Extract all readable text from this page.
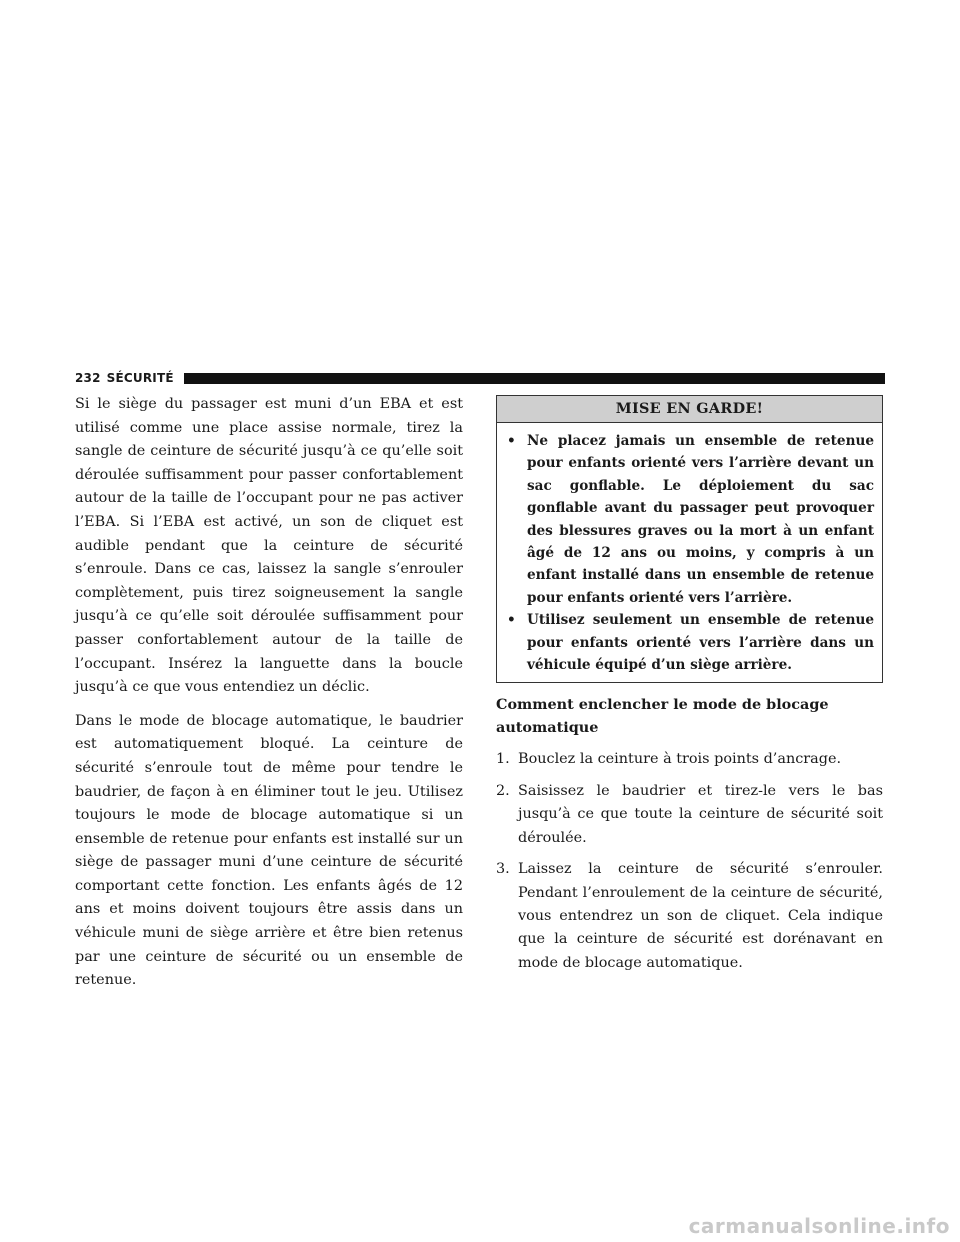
232 SÉCURITÉ

Si le siège du passager est muni d’un EBA et est utilisé comme une place assise normale, tirez la sangle de ceinture de sécurité jusqu’à ce qu’elle soit déroulée suffisamment pour passer confortablement autour de la taille de l’occupant pour ne pas activer l’EBA. Si l’EBA est activé, un son de cliquet est audible pendant que la ceinture de sécurité s’enroule. Dans ce cas, laissez la sangle s’enrouler complètement, puis tirez soigneusement la sangle jusqu’à ce qu’elle soit déroulée suffisamment pour passer confortablement autour de la taille de l’occupant. Insérez la languette dans la boucle jusqu’à ce que vous entendiez un déclic.

Dans le mode de blocage automatique, le baudrier est automatiquement bloqué. La ceinture de sécurité s’enroule tout de même pour tendre le baudrier, de façon à en éliminer tout le jeu. Utilisez toujours le mode de blocage automatique si un ensemble de retenue pour enfants est installé sur un siège de passager muni d’une ceinture de sécurité comportant cette fonction. Les enfants âgés de 12 ans et moins doivent toujours être assis dans un véhicule muni de siège arrière et être bien retenus par une ceinture de sécurité ou un ensemble de retenue.

MISE EN GARDE!
• Ne placez jamais un ensemble de retenue pour enfants orienté vers l’arrière devant un sac gonflable. Le déploiement du sac gonflable avant du passager peut provoquer des blessures graves ou la mort à un enfant âgé de 12 ans ou moins, y compris à un enfant installé dans un ensemble de retenue pour enfants orienté vers l’arrière.
• Utilisez seulement un ensemble de retenue pour enfants orienté vers l’arrière dans un véhicule équipé d’un siège arrière.
Comment enclencher le mode de blocage automatique
1. Bouclez la ceinture à trois points d’ancrage.
2. Saisissez le baudrier et tirez-le vers le bas jusqu’à ce que toute la ceinture de sécurité soit déroulée.
3. Laissez la ceinture de sécurité s’enrouler. Pendant l’enroulement de la ceinture de sécurité, vous entendrez un son de cliquet. Cela indique que la ceinture de sécurité est dorénavant en mode de blocage automatique.
carmanualsonline.info
